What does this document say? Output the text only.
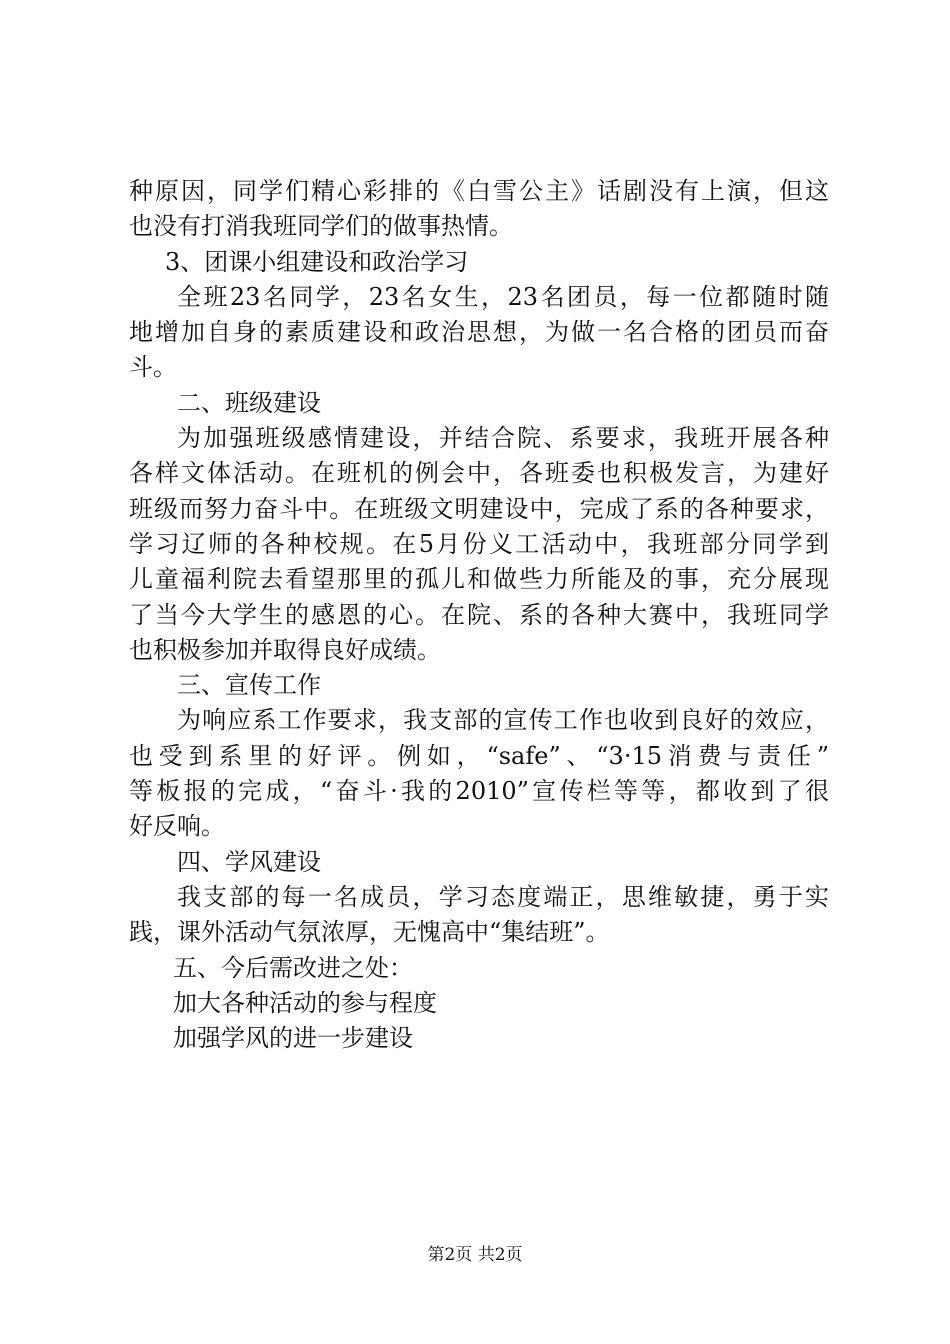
种原因，同学们精心彩排的《白雪公主》话剧没有上演，但这
也没有打消我班同学们的做事热情。
3、团课小组建设和政治学习
全班23名同学，23名女生，23名团员，每一位都随时随
地增加自身的素质建设和政治思想，为做一名合格的团员而奋
斗。
二、班级建设
为加强班级感情建设，并结合院、系要求，我班开展各种
各样文体活动。在班机的例会中，各班委也积极发言，为建好
班级而努力奋斗中。在班级文明建设中，完成了系的各种要求，
学习辽师的各种校规。在5月份义工活动中，我班部分同学到
儿童福利院去看望那里的孤儿和做些力所能及的事，充分展现
了当今大学生的感恩的心。在院、系的各种大赛中，我班同学
也积极参加并取得良好成绩。
三、宣传工作
为响应系工作要求，我支部的宣传工作也收到良好的效应，
也受到系里的好评。例如，“safe”、“3·15消费与责任”
等板报的完成，“奋斗·我的2010”宣传栏等等，都收到了很
好反响。
四、学风建设
我支部的每一名成员，学习态度端正，思维敏捷，勇于实
践，课外活动气氛浓厚，无愧高中“集结班”。
五、今后需改进之处：
加大各种活动的参与程度
加强学风的进一步建设
第2页 共2页
